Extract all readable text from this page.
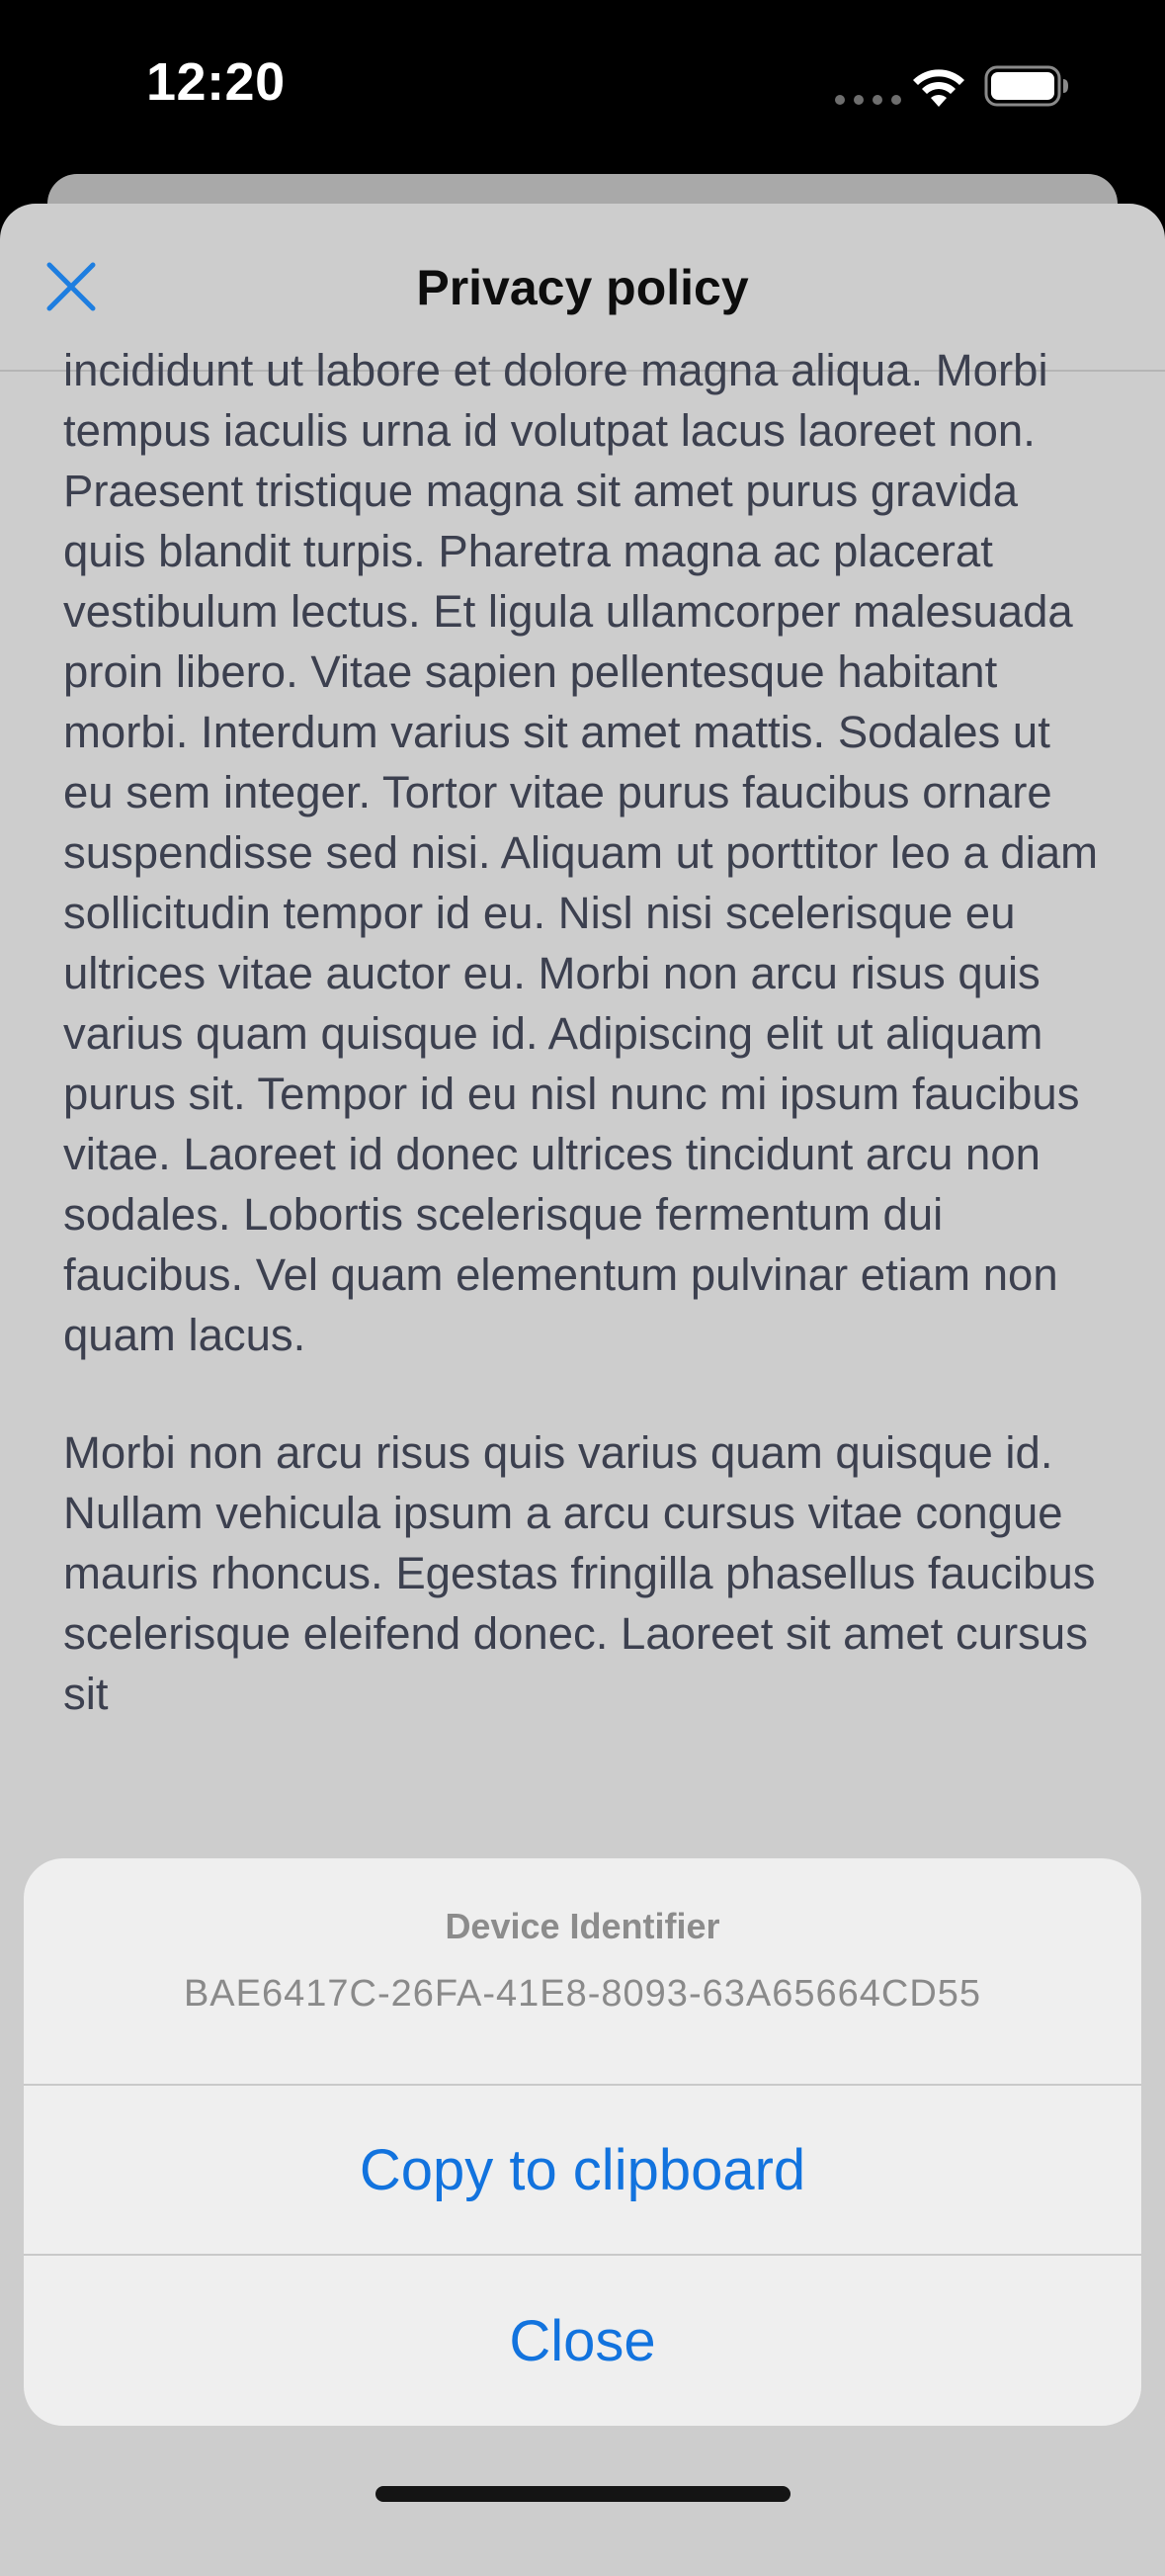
12:20
Privacy policy

incididunt ut labore et dolore magna aliqua. Morbi tempus iaculis urna id volutpat lacus laoreet non. Praesent tristique magna sit amet purus gravida quis blandit turpis. Pharetra magna ac placerat vestibulum lectus. Et ligula ullamcorper malesuada proin libero. Vitae sapien pellentesque habitant morbi. Interdum varius sit amet mattis. Sodales ut eu sem integer. Tortor vitae purus faucibus ornare suspendisse sed nisi. Aliquam ut porttitor leo a diam sollicitudin tempor id eu. Nisl nisi scelerisque eu ultrices vitae auctor eu. Morbi non arcu risus quis varius quam quisque id. Adipiscing elit ut aliquam purus sit. Tempor id eu nisl nunc mi ipsum faucibus vitae. Laoreet id donec ultrices tincidunt arcu non sodales. Lobortis scelerisque fermentum dui faucibus. Vel quam elementum pulvinar etiam non quam lacus.

Morbi non arcu risus quis varius quam quisque id. Nullam vehicula ipsum a arcu cursus vitae congue mauris rhoncus. Egestas fringilla phasellus faucibus scelerisque eleifend donec. Laoreet sit amet cursus sit

Device Identifier
BAE6417C-26FA-41E8-8093-63A65664CD55
Copy to clipboard
Close
